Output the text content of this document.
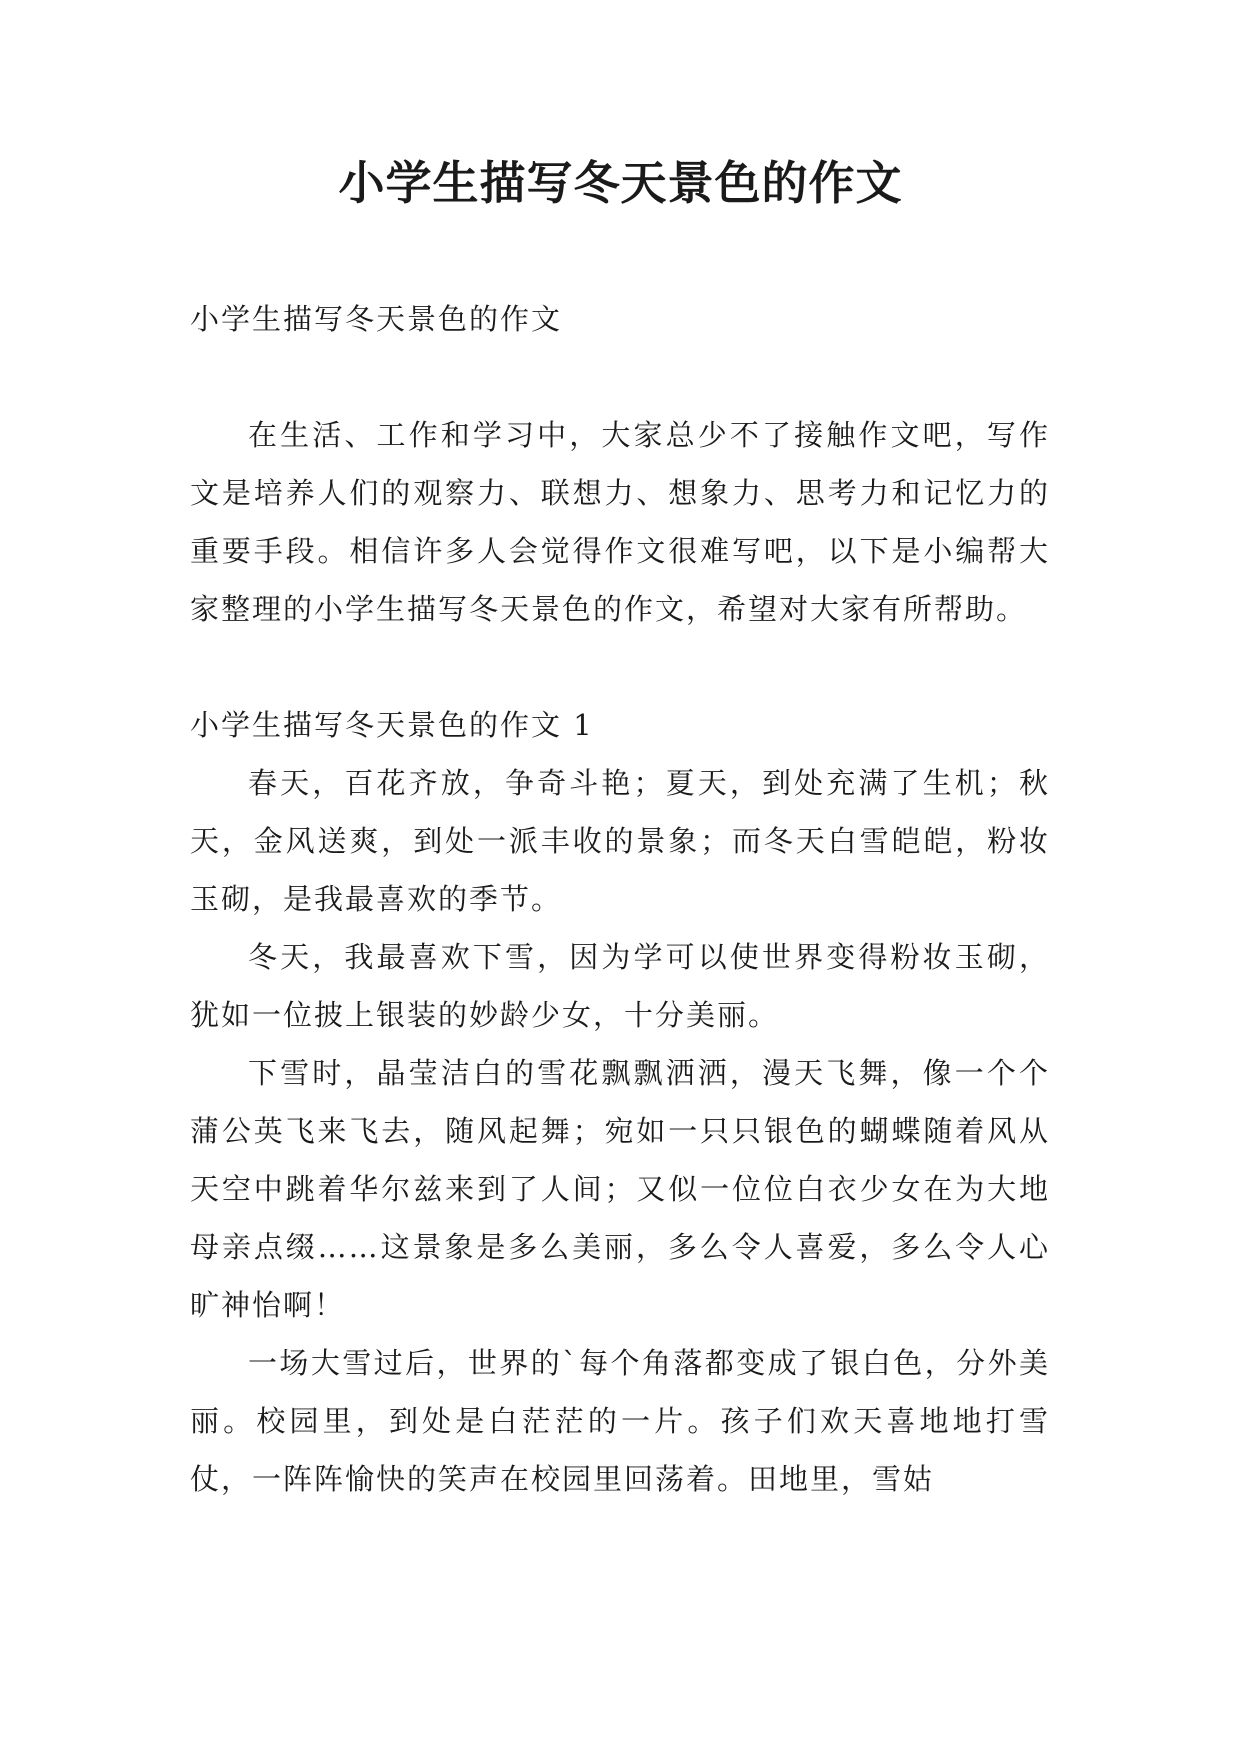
小学生描写冬天景色的作文

小学生描写冬天景色的作文

在生活、工作和学习中，大家总少不了接触作文吧，写作文是培养人们的观察力、联想力、想象力、思考力和记忆力的重要手段。相信许多人会觉得作文很难写吧，以下是小编帮大家整理的小学生描写冬天景色的作文，希望对大家有所帮助。

小学生描写冬天景色的作文 1

春天，百花齐放，争奇斗艳；夏天，到处充满了生机；秋天，金风送爽，到处一派丰收的景象；而冬天白雪皑皑，粉妆玉砌，是我最喜欢的季节。

冬天，我最喜欢下雪，因为学可以使世界变得粉妆玉砌，犹如一位披上银装的妙龄少女，十分美丽。

下雪时，晶莹洁白的雪花飘飘洒洒，漫天飞舞，像一个个蒲公英飞来飞去，随风起舞；宛如一只只银色的蝴蝶随着风从天空中跳着华尔兹来到了人间；又似一位位白衣少女在为大地母亲点缀……这景象是多么美丽，多么令人喜爱，多么令人心旷神怡啊！

一场大雪过后，世界的`每个角落都变成了银白色，分外美丽。校园里，到处是白茫茫的一片。孩子们欢天喜地地打雪仗，一阵阵愉快的笑声在校园里回荡着。田地里，雪姑
